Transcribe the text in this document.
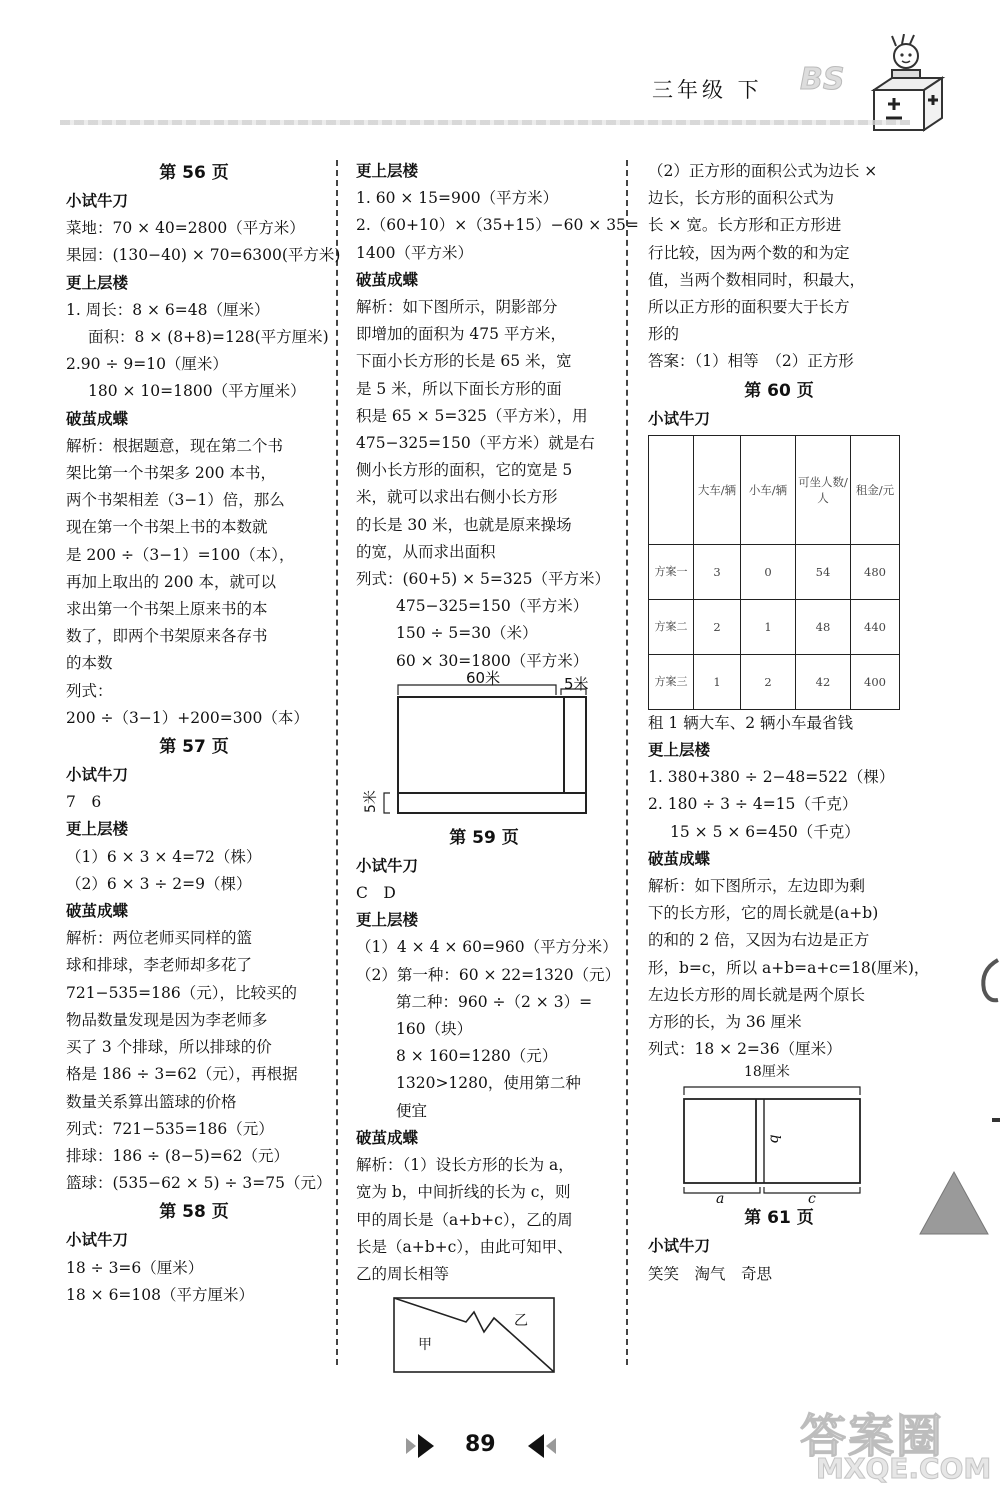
三年级 下 BS
第 56 页
小试牛刀
菜地：70 × 40=2800（平方米）
果园：(130−40) × 70=6300(平方米)
更上层楼
1. 周长：8 × 6=48（厘米）
面积：8 × (8+8)=128(平方厘米)
2.90 ÷ 9=10（厘米）
180 × 10=1800（平方厘米）
破茧成蝶
解析：根据题意，现在第二个书
架比第一个书架多 200 本书，
两个书架相差（3−1）倍，那么
现在第一个书架上书的本数就
是 200 ÷（3−1）=100（本），
再加上取出的 200 本，就可以
求出第一个书架上原来书的本
数了，即两个书架原来各存书
的本数
列式：
200 ÷（3−1）+200=300（本）
第 57 页
小试牛刀
7　6
更上层楼
（1）6 × 3 × 4=72（株）
（2）6 × 3 ÷ 2=9（棵）
破茧成蝶
解析：两位老师买同样的篮
球和排球，李老师却多花了
721−535=186（元），比较买的
物品数量发现是因为李老师多
买了 3 个排球，所以排球的价
格是 186 ÷ 3=62（元），再根据
数量关系算出篮球的价格
列式：721−535=186（元）
排球：186 ÷ (8−5)=62（元）
篮球：(535−62 × 5) ÷ 3=75（元）
第 58 页
小试牛刀
18 ÷ 3=6（厘米）
18 × 6=108（平方厘米）
更上层楼
1. 60 × 15=900（平方米）
2.（60+10）×（35+15）−60 × 35=
1400（平方米）
破茧成蝶
解析：如下图所示，阴影部分
即增加的面积为 475 平方米，
下面小长方形的长是 65 米，宽
是 5 米，所以下面长方形的面
积是 65 × 5=325（平方米），用
475−325=150（平方米）就是右
侧小长方形的面积，它的宽是 5
米，就可以求出右侧小长方形
的长是 30 米，也就是原来操场
的宽，从而求出面积
列式：(60+5) × 5=325（平方米）
475−325=150（平方米）
150 ÷ 5=30（米）
60 × 30=1800（平方米）
60米	5米
5米
第 59 页
小试牛刀
C　D
更上层楼
（1）4 × 4 × 60=960（平方分米）
（2）第一种：60 × 22=1320（元）
第二种：960 ÷（2 × 3）=
160（块）
8 × 160=1280（元）
1320>1280，使用第二种
便宜
破茧成蝶
解析：（1）设长方形的长为 a，
宽为 b，中间折线的长为 c，则
甲的周长是（a+b+c），乙的周
长是（a+b+c），由此可知甲、
乙的周长相等
甲
乙
（2）正方形的面积公式为边长 ×
边长，长方形的面积公式为
长 × 宽。长方形和正方形进
行比较，因为两个数的和为定
值，当两个数相同时，积最大，
所以正方形的面积要大于长方
形的
答案：（1）相等　（2）正方形
第 60 页
小试牛刀
	大车/辆	小车/辆	可坐人数/人	租金/元
方案一	3	0	54	480
方案二	2	1	48	440
方案三	1	2	42	400
租 1 辆大车、2 辆小车最省钱
更上层楼
1. 380+380 ÷ 2−48=522（棵）
2. 180 ÷ 3 ÷ 4=15（千克）
15 × 5 × 6=450（千克）
破茧成蝶
解析：如下图所示，左边即为剩
下的长方形，它的周长就是(a+b)
的和的 2 倍，又因为右边是正方
形，b=c，所以 a+b=a+c=18(厘米)，
左边长方形的周长就是两个原长
方形的长，为 36 厘米
列式：18 × 2=36（厘米）
18厘米
b
a	c
第 61 页
小试牛刀
笑笑　淘气　奇思
89	答案圈
MXQE.COM
